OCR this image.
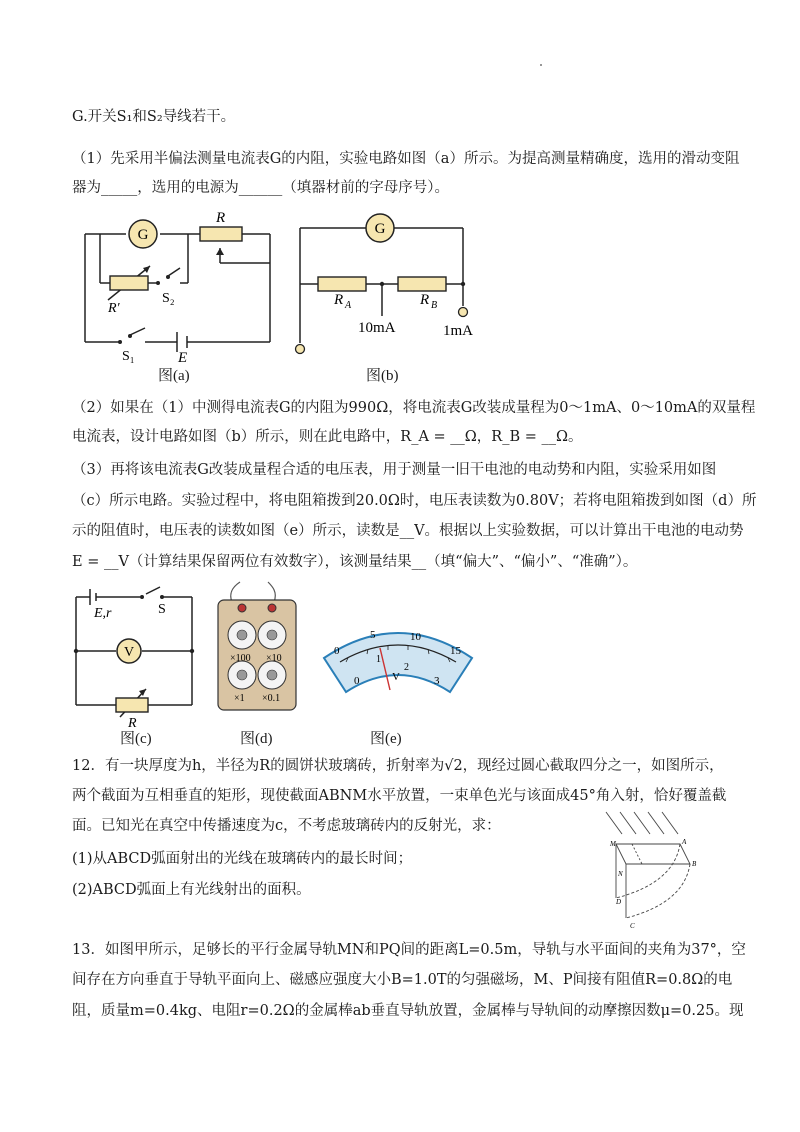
G.开关S₁和S₂导线若干。
（1）先采用半偏法测量电流表G的内阻，实验电路如图（a）所示。为提高测量精确度，选用的滑动变阻
器为_____，选用的电源为______（填器材前的字母序号）。
G
R
R′
S₂
S₁	E
图(a)
G
R A	R B
10mA	1mA
图(b)
（2）如果在（1）中测得电流表G的内阻为990Ω，将电流表G改装成量程为0～1mA、0～10mA的双量程
电流表，设计电路如图（b）所示，则在此电路中，R_A = __Ω，R_B = __Ω。
（3）再将该电流表G改装成量程合适的电压表，用于测量一旧干电池的电动势和内阻，实验采用如图
（c）所示电路。实验过程中，将电阻箱拨到20.0Ω时，电压表读数为0.80V；若将电阻箱拨到如图（d）所
示的阻值时，电压表的读数如图（e）所示，读数是__V。根据以上实验数据，可以计算出干电池的电动势
E = __V（计算结果保留两位有效数字），该测量结果__（填“偏大”、“偏小”、“准确”）。
E,r	S
V
R
图(c)
×100 ×10
×1 ×0.1
图(d)
0
1
2
3
0
5	10
15
V
图(e)
12．有一块厚度为h，半径为R的圆饼状玻璃砖，折射率为√2，现经过圆心截取四分之一，如图所示，
两个截面为互相垂直的矩形，现使截面ABNM水平放置，一束单色光与该面成45°角入射，恰好覆盖截
面。已知光在真空中传播速度为c，不考虑玻璃砖内的反射光，求：
(1)从ABCD弧面射出的光线在玻璃砖内的最长时间；
(2)ABCD弧面上有光线射出的面积。
M	A
B
N
D
C
13．如图甲所示，足够长的平行金属导轨MN和PQ间的距离L=0.5m，导轨与水平面间的夹角为37°，空
间存在方向垂直于导轨平面向上、磁感应强度大小B=1.0T的匀强磁场，M、P间接有阻值R=0.8Ω的电
阻，质量m=0.4kg、电阻r=0.2Ω的金属棒ab垂直导轨放置，金属棒与导轨间的动摩擦因数μ=0.25。现
